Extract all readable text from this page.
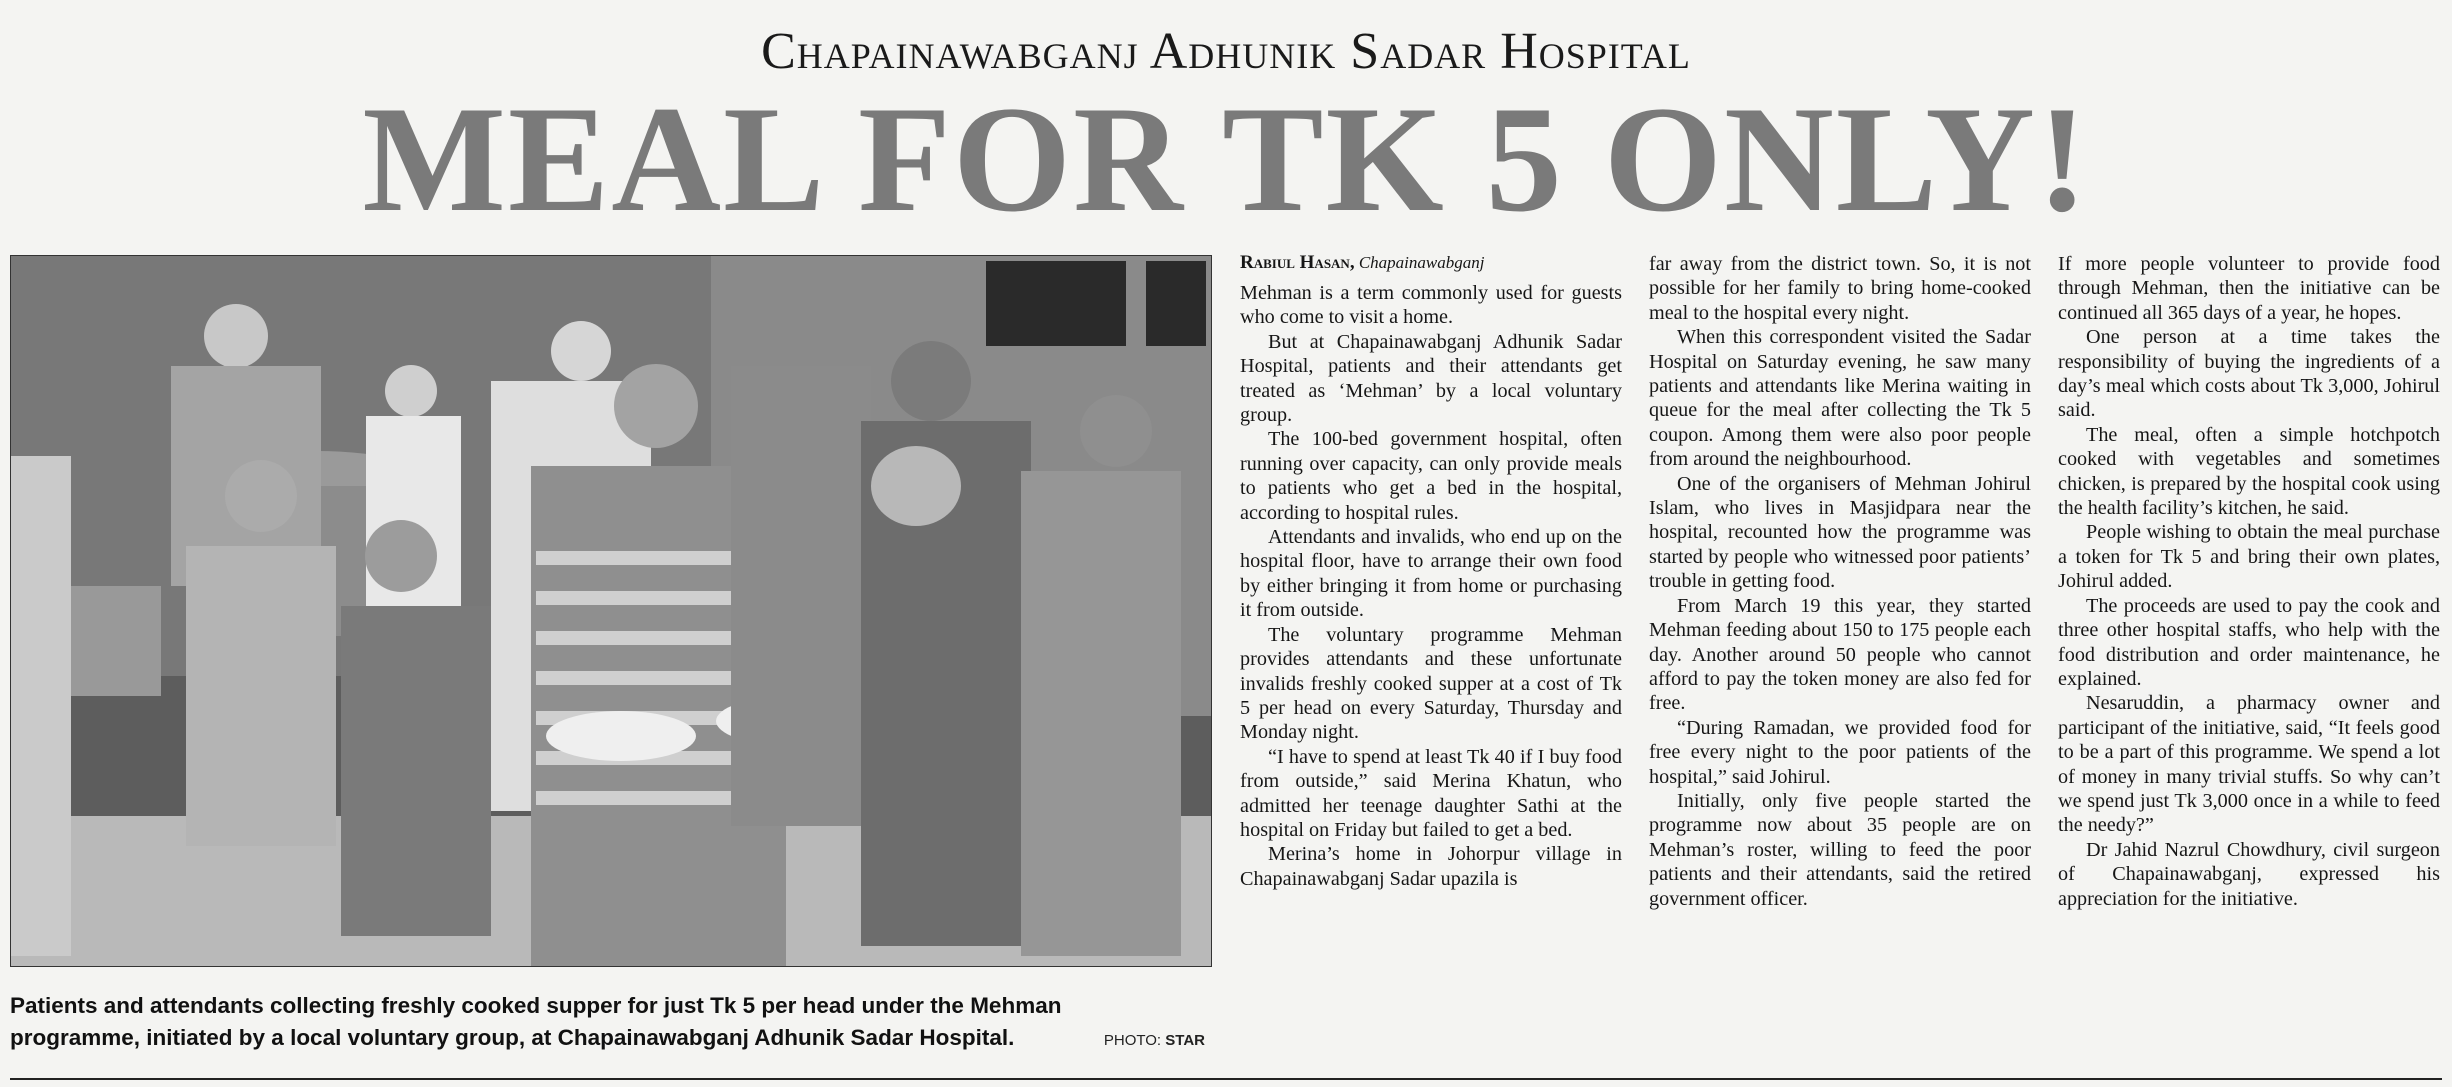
Chapainawabganj Adhunik Sadar Hospital
MEAL FOR TK 5 ONLY!
Patients and attendants collecting freshly cooked supper for just Tk 5 per head under the Mehman programme, initiated by a local voluntary group, at Chapainawabganj Adhunik Sadar Hospital.	PHOTO: STAR

Rabiul Hasan, Chapainawabganj

Mehman is a term commonly used for guests who come to visit a home.

But at Chapainawabganj Adhunik Sadar Hospital, patients and their attendants get treated as ‘Mehman’ by a local voluntary group.

The 100-bed government hospital, often running over capacity, can only provide meals to patients who get a bed in the hospital, according to hospital rules.

Attendants and invalids, who end up on the hospital floor, have to arrange their own food by either bringing it from home or purchasing it from outside.

The voluntary programme Mehman provides attendants and these unfortunate invalids freshly cooked supper at a cost of Tk 5 per head on every Saturday, Thursday and Monday night.

“I have to spend at least Tk 40 if I buy food from outside,” said Merina Khatun, who admitted her teenage daughter Sathi at the hospital on Friday but failed to get a bed.

Merina’s home in Johorpur village in Chapainawabganj Sadar upazila is

far away from the district town. So, it is not possible for her family to bring home-cooked meal to the hospital every night.

When this correspondent visited the Sadar Hospital on Saturday evening, he saw many patients and attendants like Merina waiting in queue for the meal after collecting the Tk 5 coupon. Among them were also poor people from around the neighbourhood.

One of the organisers of Mehman Johirul Islam, who lives in Masjidpara near the hospital, recounted how the programme was started by people who witnessed poor patients’ trouble in getting food.

From March 19 this year, they started Mehman feeding about 150 to 175 people each day. Another around 50 people who cannot afford to pay the token money are also fed for free.

“During Ramadan, we provided food for free every night to the poor patients of the hospital,” said Johirul.

Initially, only five people started the programme now about 35 people are on Mehman’s roster, willing to feed the poor patients and their attendants, said the retired government officer.

If more people volunteer to provide food through Mehman, then the initiative can be continued all 365 days of a year, he hopes.

One person at a time takes the responsibility of buying the ingredients of a day’s meal which costs about Tk 3,000, Johirul said.

The meal, often a simple hotchpotch cooked with vegetables and sometimes chicken, is prepared by the hospital cook using the health facility’s kitchen, he said.

People wishing to obtain the meal purchase a token for Tk 5 and bring their own plates, Johirul added.

The proceeds are used to pay the cook and three other hospital staffs, who help with the food distribution and order maintenance, he explained.

Nesaruddin, a pharmacy owner and participant of the initiative, said, “It feels good to be a part of this programme. We spend a lot of money in many trivial stuffs. So why can’t we spend just Tk 3,000 once in a while to feed the needy?”

Dr Jahid Nazrul Chowdhury, civil surgeon of Chapainawabganj, expressed his appreciation for the initiative.
